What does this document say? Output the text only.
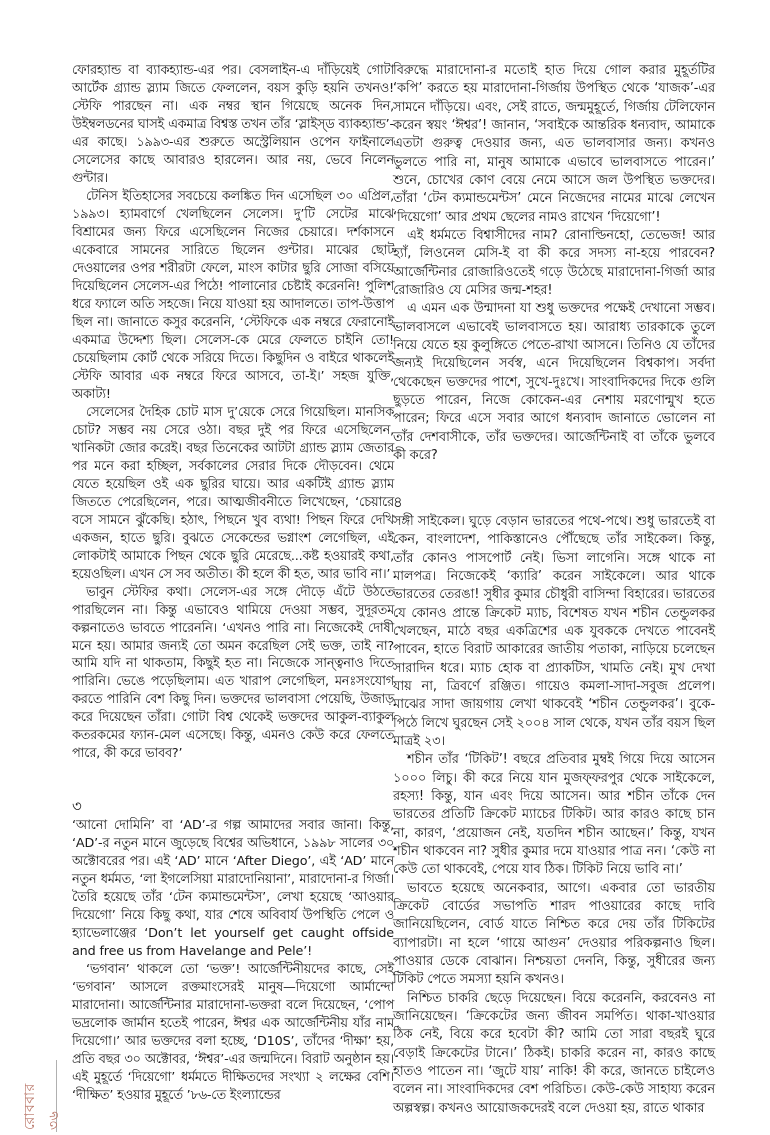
ফোরহ্যান্ড বা ব্যাকহ্যান্ড-এর পর। বেসলাইন-এ দাঁড়িয়েই গোটা আর্টেক গ্র্যান্ড স্ল্যাম জিতে ফেললেন, বয়স কুড়ি হয়নি তখনও! স্টেফি পারছেন না। এক নম্বর স্থান গিয়েছে অনেক দিন, উইম্বলডনের ঘাসই একমাত্র বিশ্বস্ত তখন তাঁর ‘স্লাইস্ড ব্যাকহ্যান্ড’-এর কাছে। ১৯৯৩-এর শুরুতে অস্ট্রেলিয়ান ওপেন ফাইনালে সেলেসের কাছে আবারও হারলেন। আর নয়, ভেবে নিলেন গুন্টার।

টেনিস ইতিহাসের সবচেয়ে কলঙ্কিত দিন এসেছিল ৩০ এপ্রিল, ১৯৯৩। হ্যামবার্গে খেলছিলেন সেলেস। দু’টি সেটের মাঝে বিশ্রামের জন্য ফিরে এসেছিলেন নিজের চেয়ারে। দর্শকাসনে একেবারে সামনের সারিতে ছিলেন গুন্টার। মাঝের ছোট দেওয়ালের ওপর শরীরটা ফেলে, মাংস কাটার ছুরি সোজা বসিয়ে দিয়েছিলেন সেলেস-এর পিঠে! পালানোর চেষ্টাই করেননি! পুলিশ ধরে ফ্যালে অতি সহজে। নিয়ে যাওয়া হয় আদালতে। তাপ-উত্তাপ ছিল না। জানাতে কসুর করেননি, ‘স্টেফিকে এক নম্বরে ফেরানোই একমাত্র উদ্দেশ্য ছিল। সেলেস-কে মেরে ফেলতে চাইনি তো! চেয়েছিলাম কোর্ট থেকে সরিয়ে দিতে। কিছুদিন ও বাইরে থাকলেই স্টেফি আবার এক নম্বরে ফিরে আসবে, তা-ই।’ সহজ যুক্তি, অকাট্য!

সেলেসের দৈহিক চোট মাস দু’য়েকে সেরে গিয়েছিল। মানসিক চোট? সম্ভব নয় সেরে ওঠা। বছর দুই পর ফিরে এসেছিলেন, খানিকটা জোর করেই। বছর তিনেকের আটটা গ্র্যান্ড স্ল্যাম জেতার পর মনে করা হচ্ছিল, সর্বকালের সেরার দিকে দৌড়বেন। থেমে যেতে হয়েছিল ওই এক ছুরির ঘায়ে। আর একটিই গ্র্যান্ড স্ল্যাম জিততে পেরেছিলেন, পরে। আত্মজীবনীতে লিখেছেন, ‘চেয়ারে বসে সামনে ঝুঁকেছি। হঠাৎ, পিছনে খুব ব্যথা! পিছন ফিরে দেখি একজন, হাতে ছুরি। বুঝতে সেকেন্ডের ভগ্নাংশ লেগেছিল, এই লোকটাই আমাকে পিছন থেকে ছুরি মেরেছে...কষ্ট হওয়ারই কথা, হয়েওছিল। এখন সে সব অতীত। কী হলে কী হত, আর ভাবি না।’

ভাবুন স্টেফির কথা। সেলেস-এর সঙ্গে দৌড়ে এঁটে উঠতে পারছিলেন না। কিন্তু এভাবেও থামিয়ে দেওয়া সম্ভব, সুদূরতম কল্পনাতেও ভাবতে পারেননি। ‘এখনও পারি না। নিজেকেই দোষী মনে হয়। আমার জন্যই তো অমন করেছিল সেই ভক্ত, তাই না? আমি যদি না থাকতাম, কিছুই হত না। নিজেকে সান্ত্বনাও দিতে পারিনি। ভেঙে পড়েছিলাম। এত খারাপ লেগেছিল, মনঃসংযোগ করতে পারিনি বেশ কিছু দিন। ভক্তদের ভালবাসা পেয়েছি, উজাড় করে দিয়েছেন তাঁরা। গোটা বিশ্ব থেকেই ভক্তদের আকুল-ব্যাকুল কতরকমের ফ্যান-মেল এসেছে। কিন্তু, এমনও কেউ করে ফেলতে পারে, কী করে ভাবব?’

৩

‘আনো দোমিনি’ বা ‘AD’-র গল্প আমাদের সবার জানা। কিন্তু, ‘AD’-র নতুন মানে জুড়েছে বিশ্বের অভিধানে, ১৯৯৮ সালের ৩০ অক্টোবরের পর। এই ‘AD’ মানে ‘After Diego’, এই ‘AD’ মানে নতুন ধর্মমত, ‘লা ইগলেসিয়া মারাদোনিয়ানা’, মারাদোনা-র গির্জা। তৈরি হয়েছে তাঁর ‘টেন ক্যমান্ডমেন্টস’, লেখা হয়েছে ‘আওয়ার দিয়েগো’ নিয়ে কিছু কথা, যার শেষে অবিবার্য উপস্থিতি পেলে ও হ্যাভেলাঞ্জের ‘Don’t let yourself get caught offside and free us from Havelange and Pele’!

‘ভগবান’ থাকলে তো ‘ভক্ত’! আর্জেন্টিনীয়দের কাছে, সেই ‘ভগবান’ আসলে রক্তমাংসেরই মানুষ—দিয়েগো আর্মান্দো মারাদোনা। আর্জেন্টিনার মারাদোনা-ভক্তরা বলে দিয়েছেন, ‘পোপ ভদ্রলোক জার্মান হতেই পারেন, ঈশ্বর এক আর্জেন্টিনীয় যাঁর নাম দিয়েগো।’ আর ভক্তদের বলা হচ্ছে, ‘D10S’, তাঁদের ‘দীক্ষা’ হয়, প্রতি বছর ৩০ অক্টোবর, ‘ঈশ্বর’-এর জন্মদিনে। বিরাট অনুষ্ঠান হয়। এই মুহূর্তে ‘দিয়েগো’ ধর্মমতে দীক্ষিতদের সংখ্যা ২ লক্ষের বেশি। ‘দীক্ষিত’ হওয়ার মুহূর্তে ’৮৬-তে ইংল্যান্ডের

বিরুদ্ধে মারাদোনা-র মতোই হাত দিয়ে গোল করার মুহূর্তটির ‘কপি’ করতে হয় মারাদোনা-গির্জায় উপস্থিত থেকে ‘যাজক’-এর সামনে দাঁড়িয়ে। এবং, সেই রাতে, জন্মমুহূর্তে, গির্জায় টেলিফোন করেন স্বয়ং ‘ঈশ্বর’! জানান, ‘সবাইকে আন্তরিক ধন্যবাদ, আমাকে এতটা গুরুত্ব দেওয়ার জন্য, এত ভালবাসার জন্য। কখনও ভুলতে পারি না, মানুষ আমাকে এভাবে ভালবাসতে পারেন।’ শুনে, চোখের কোণ বেয়ে নেমে আসে জল উপস্থিত ভক্তদের। তাঁরা ‘টেন ক্যমান্ডমেন্টস’ মেনে নিজেদের নামের মাঝে লেখেন ‘দিয়েগো’ আর প্রথম ছেলের নামও রাখেন ‘দিয়েগো’!

এই ধর্মমতে বিশ্বাসীদের নাম? রোনাল্ডিনহো, তেভেজ! আর হ্যাঁ, লিওনেল মেসি-ই বা কী করে সদস্য না-হয়ে পারবেন? আর্জেন্টিনার রোজারিওতেই গড়ে উঠেছে মারাদোনা-গির্জা আর রোজারিও যে মেসির জন্ম-শহর!

এ এমন এক উন্মাদনা যা শুধু ভক্তদের পক্ষেই দেখানো সম্ভব। ভালবাসলে এভাবেই ভালবাসতে হয়। আরাধ্য তারকাকে তুলে নিয়ে যেতে হয় কুলুঙ্গিতে পেতে-রাখা আসনে। তিনিও যে তাঁদের জন্যই দিয়েছিলেন সর্বস্ব, এনে দিয়েছিলেন বিশ্বকাপ। সর্বদা থেকেছেন ভক্তদের পাশে, সুখে-দুঃখে। সাংবাদিকদের দিকে গুলি ছুড়তে পারেন, নিজে কোকেন-এর নেশায় মরণোন্মুখ হতে পারেন; ফিরে এসে সবার আগে ধন্যবাদ জানাতে ভোলেন না তাঁর দেশবাসীকে, তাঁর ভক্তদের। আর্জেন্টিনাই বা তাঁকে ভুলবে কী করে?

৪

সঙ্গী সাইকেল। ঘুড়ে বেড়ান ভারতের পথে-পথে। শুধু ভারতেই বা কেন, বাংলাদেশ, পাকিস্তানেও পৌঁছেছে তাঁর সাইকেল। কিন্তু, তাঁর কোনও পাসপোর্ট নেই। ভিসা লাগেনি। সঙ্গে থাকে না মালপত্র। নিজেকেই ‘ক্যারি’ করেন সাইকেলে। আর থাকে ভারতের তেরঙা! সুধীর কুমার চৌধুরী বাসিন্দা বিহারের। ভারতের যে কোনও প্রান্তে ক্রিকেট ম্যাচ, বিশেষত যখন শচীন তেন্ডুলকর খেলছেন, মাঠে বছর একত্রিশের এক যুবককে দেখতে পাবেনই পাবেন, হাতে বিরাট আকারের জাতীয় পতাকা, নাড়িয়ে চলেছেন সারাদিন ধরে। ম্যাচ হোক বা প্র্যাকটিস, খামতি নেই। মুখ দেখা যায় না, ত্রিবর্ণে রঞ্জিত। গায়েও কমলা-সাদা-সবুজ প্রলেপ। মাঝের সাদা জায়গায় লেখা থাকবেই ‘শচীন তেন্ডুলকর’। বুকে-পিঠে লিখে ঘুরছেন সেই ২০০৪ সাল থেকে, যখন তাঁর বয়স ছিল মাত্রই ২৩।

শচীন তাঁর ‘টিকিট’! বছরে প্রতিবার মুম্বই গিয়ে দিয়ে আসেন ১০০০ লিচু। কী করে নিয়ে যান মুজফ্‌ফরপুর থেকে সাইকেলে, রহস্য! কিন্তু, যান এবং দিয়ে আসেন। আর শচীন তাঁকে দেন ভারতের প্রতিটি ক্রিকেট ম্যাচের টিকিট। আর কারও কাছে চান না, কারণ, ‘প্রয়োজন নেই, যতদিন শচীন আছেন।’ কিন্তু, যখন শচীন থাকবেন না? সুধীর কুমার দমে যাওয়ার পাত্র নন। ‘কেউ না কেউ তো থাকবেই, পেয়ে যাব ঠিক। টিকিট নিয়ে ভাবি না।’

ভাবতে হয়েছে অনেকবার, আগে। একবার তো ভারতীয় ক্রিকেট বোর্ডের সভাপতি শারদ পাওয়ারের কাছে দাবি জানিয়েছিলেন, বোর্ড যাতে নিশ্চিত করে দেয় তাঁর টিকিটের ব্যাপারটা। না হলে ‘গায়ে আগুন’ দেওয়ার পরিকল্পনাও ছিল। পাওয়ার ডেকে বোঝান। নিশ্চয়তা দেননি, কিন্তু, সুধীরের জন্য টিকিট পেতে সমস্যা হয়নি কখনও।

নিশ্চিত চাকরি ছেড়ে দিয়েছেন। বিয়ে করেননি, করবেনও না জানিয়েছেন। ‘ক্রিকেটের জন্য জীবন সমর্পিত। থাকা-খাওয়ার ঠিক নেই, বিয়ে করে হবেটা কী? আমি তো সারা বছরই ঘুরে বেড়াই ক্রিকেটের টানে।’ ঠিকই। চাকরি করেন না, কারও কাছে হাতও পাতেন না। ‘জুটে যায়’ নাকি! কী করে, জানতে চাইলেও বলেন না। সাংবাদিকদের বেশ পরিচিত। কেউ-কেউ সাহায্য করেন অল্পস্বল্প। কখনও আয়োজকদেরই বলে দেওয়া হয়, রাতে থাকার

রোববার ৩৬
